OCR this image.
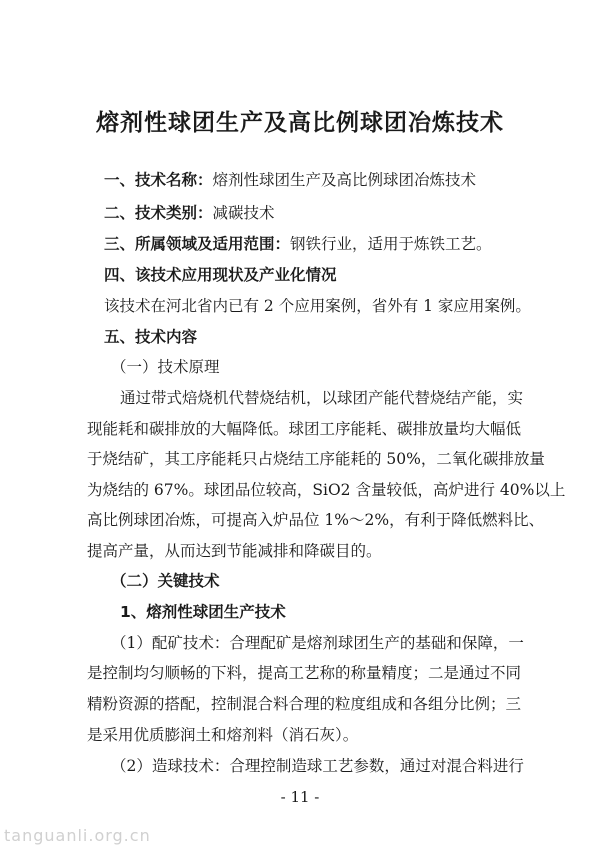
熔剂性球团生产及高比例球团冶炼技术
一、技术名称：熔剂性球团生产及高比例球团冶炼技术
二、技术类别：减碳技术
三、所属领域及适用范围：钢铁行业，适用于炼铁工艺。
四、该技术应用现状及产业化情况
该技术在河北省内已有 2 个应用案例，省外有 1 家应用案例。
五、技术内容
（一）技术原理
通过带式焙烧机代替烧结机，以球团产能代替烧结产能，实
现能耗和碳排放的大幅降低。球团工序能耗、碳排放量均大幅低
于烧结矿，其工序能耗只占烧结工序能耗的 50%，二氧化碳排放量
为烧结的 67%。球团品位较高，SiO2 含量较低，高炉进行 40%以上
高比例球团冶炼，可提高入炉品位 1%～2%，有利于降低燃料比、
提高产量，从而达到节能减排和降碳目的。
（二）关键技术
1、熔剂性球团生产技术
（1）配矿技术：合理配矿是熔剂球团生产的基础和保障，一
是控制均匀顺畅的下料，提高工艺称的称量精度；二是通过不同
精粉资源的搭配，控制混合料合理的粒度组成和各组分比例；三
是采用优质膨润土和熔剂料（消石灰）。
（2）造球技术：合理控制造球工艺参数，通过对混合料进行
- 11 -
tanguanli.org.cn
